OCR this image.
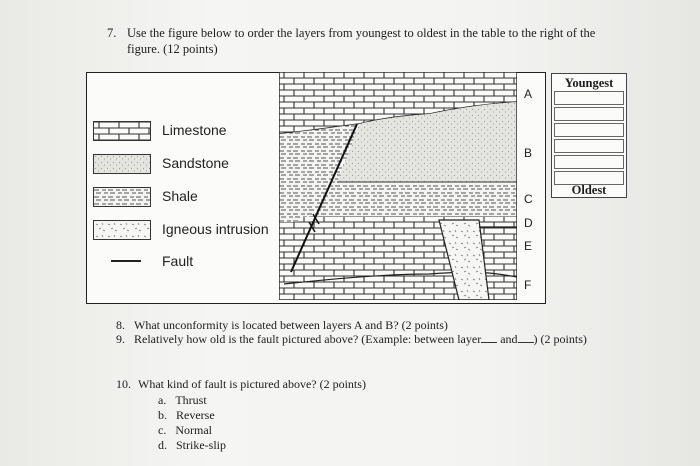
7. Use the figure below to order the layers from youngest to oldest in the table to the right of the figure. (12 points)
Limestone
Sandstone
Shale
Igneous intrusion
Fault
A
B
C
D
E
F
Youngest
Oldest
8. What unconformity is located between layers A and B? (2 points)
9. Relatively how old is the fault pictured above? (Example: between layer and ) (2 points)
10. What kind of fault is pictured above? (2 points)
a. Thrust
b. Reverse
c. Normal
d. Strike-slip
